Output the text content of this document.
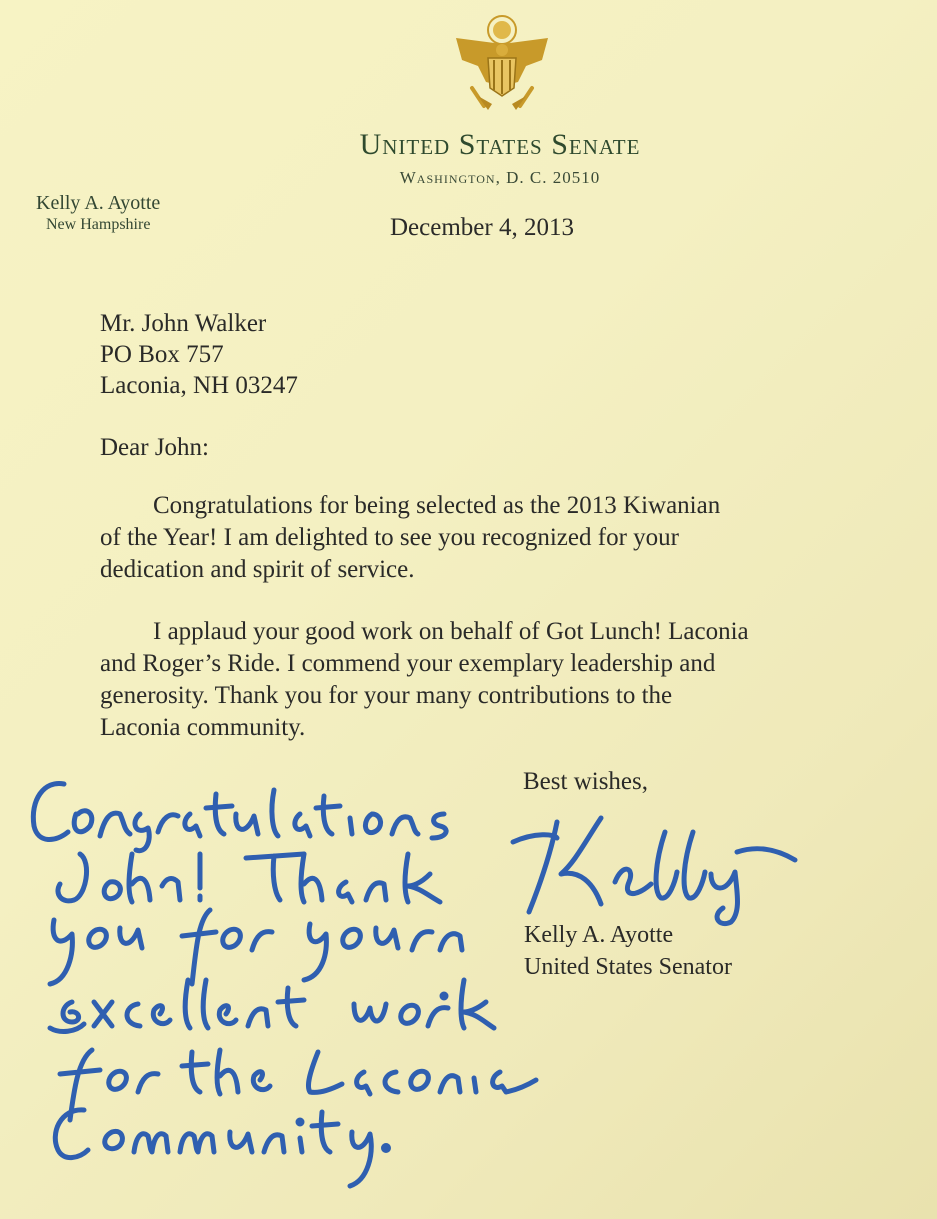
United States Senate
Washington, D. C. 20510
Kelly A. Ayotte
New Hampshire	December 4, 2013
Mr. John Walker
PO Box 757
Laconia, NH 03247
Dear John:
Congratulations for being selected as the 2013 Kiwanian
of the Year! I am delighted to see you recognized for your
dedication and spirit of service.
I applaud your good work on behalf of Got Lunch! Laconia
and Roger’s Ride. I commend your exemplary leadership and
generosity. Thank you for your many contributions to the
Laconia community.
Best wishes,
Kelly A. Ayotte
United States Senator
